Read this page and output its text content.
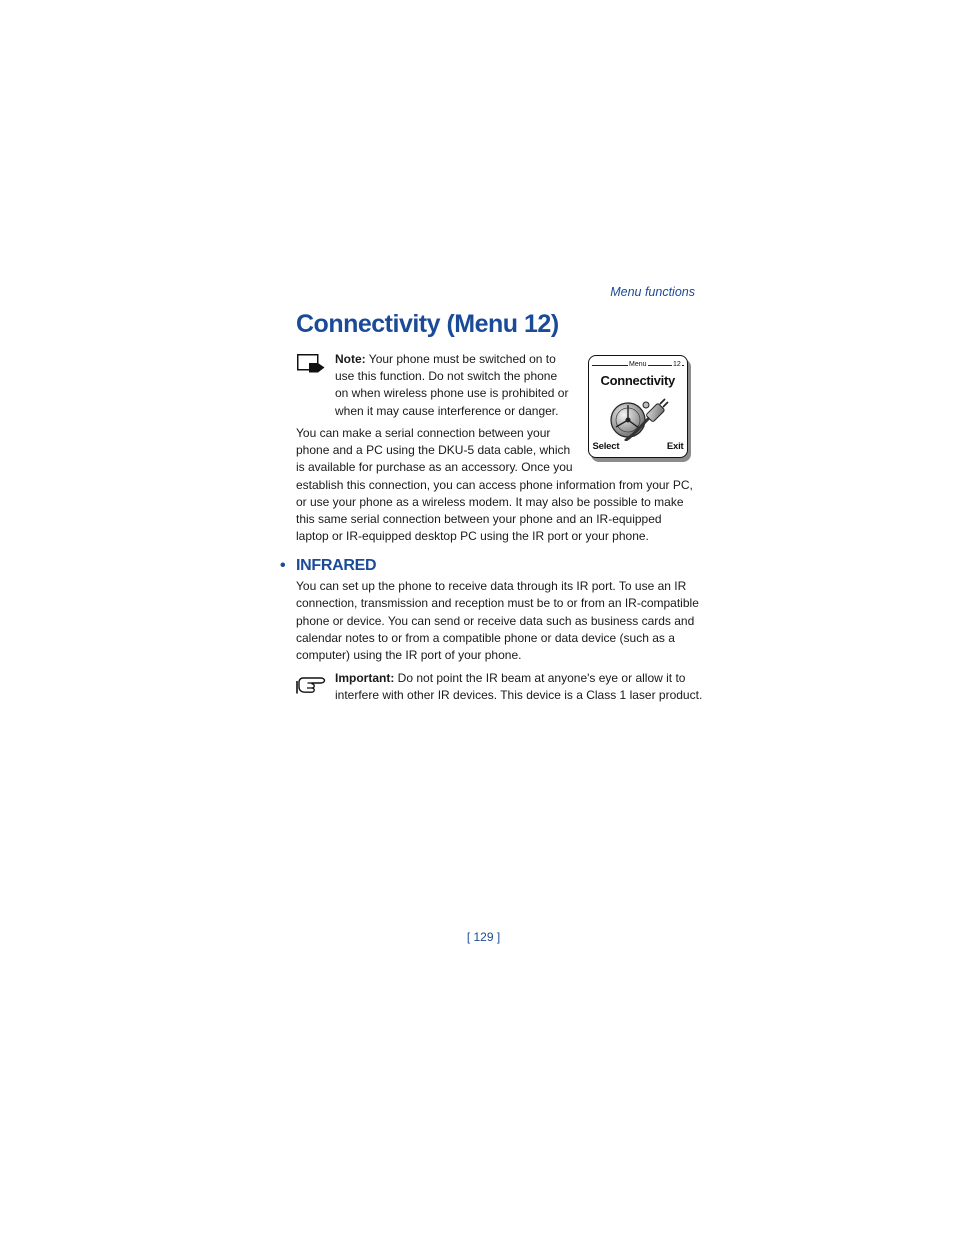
Menu functions
Connectivity (Menu 12)
Note: Your phone must be switched on to
use this function. Do not switch the phone
on when wireless phone use is prohibited or
when it may cause interference or danger.
Menu	12
Connectivity
Select	Exit
You can make a serial connection between your
phone and a PC using the DKU-5 data cable, which
is available for purchase as an accessory. Once you
establish this connection, you can access phone information from your PC,
or use your phone as a wireless modem. It may also be possible to make
this same serial connection between your phone and an IR-equipped
laptop or IR-equipped desktop PC using the IR port or your phone.
• INFRARED
You can set up the phone to receive data through its IR port. To use an IR
connection, transmission and reception must be to or from an IR-compatible
phone or device. You can send or receive data such as business cards and
calendar notes to or from a compatible phone or data device (such as a
computer) using the IR port of your phone.
Important: Do not point the IR beam at anyone's eye or allow it to
interfere with other IR devices. This device is a Class 1 laser product.
[ 129 ]
